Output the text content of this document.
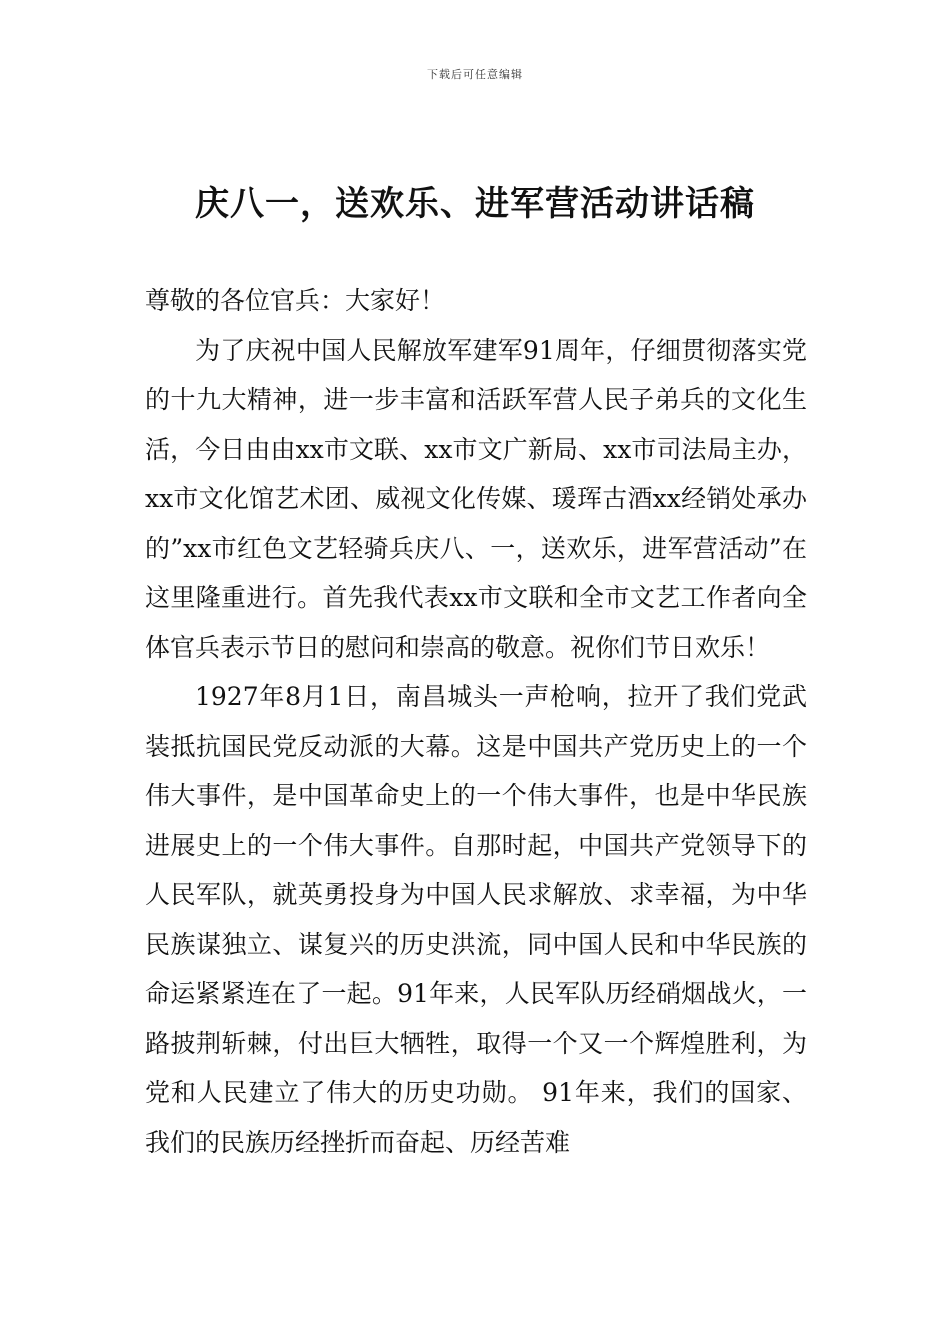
下载后可任意编辑
庆八一，送欢乐、进军营活动讲话稿

尊敬的各位官兵：大家好！

为了庆祝中国人民解放军建军91周年，仔细贯彻落实党的十九大精神，进一步丰富和活跃军营人民子弟兵的文化生活，今日由由xx市文联、xx市文广新局、xx市司法局主办，xx市文化馆艺术团、威视文化传媒、瑗珲古酒xx经销处承办的”xx市红色文艺轻骑兵庆八、一，送欢乐，进军营活动”在这里隆重进行。首先我代表xx市文联和全市文艺工作者向全体官兵表示节日的慰问和崇高的敬意。祝你们节日欢乐！

1927年8月1日，南昌城头一声枪响，拉开了我们党武装抵抗国民党反动派的大幕。这是中国共产党历史上的一个伟大事件，是中国革命史上的一个伟大事件，也是中华民族进展史上的一个伟大事件。自那时起，中国共产党领导下的人民军队，就英勇投身为中国人民求解放、求幸福，为中华民族谋独立、谋复兴的历史洪流，同中国人民和中华民族的命运紧紧连在了一起。91年来，人民军队历经硝烟战火，一路披荆斩棘，付出巨大牺牲，取得一个又一个辉煌胜利，为党和人民建立了伟大的历史功勋。 91年来，我们的国家、我们的民族历经挫折而奋起、历经苦难
